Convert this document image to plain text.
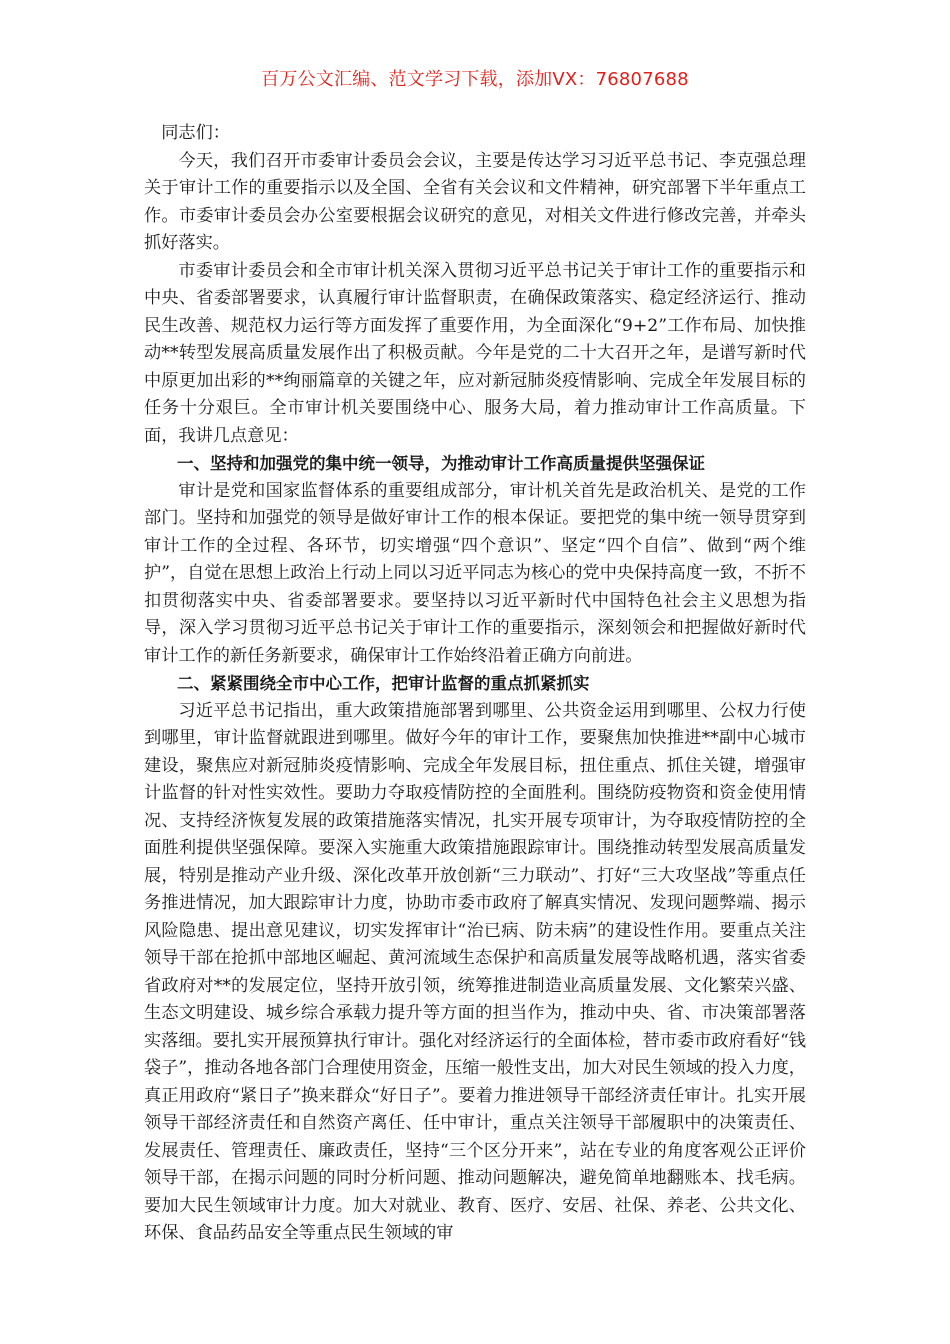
百万公文汇编、范文学习下载，添加VX：76807688

同志们：

今天，我们召开市委审计委员会会议，主要是传达学习习近平总书记、李克强总理关于审计工作的重要指示以及全国、全省有关会议和文件精神，研究部署下半年重点工作。市委审计委员会办公室要根据会议研究的意见，对相关文件进行修改完善，并牵头抓好落实。

市委审计委员会和全市审计机关深入贯彻习近平总书记关于审计工作的重要指示和中央、省委部署要求，认真履行审计监督职责，在确保政策落实、稳定经济运行、推动民生改善、规范权力运行等方面发挥了重要作用，为全面深化“9+2”工作布局、加快推动**转型发展高质量发展作出了积极贡献。今年是党的二十大召开之年，是谱写新时代中原更加出彩的**绚丽篇章的关键之年，应对新冠肺炎疫情影响、完成全年发展目标的任务十分艰巨。全市审计机关要围绕中心、服务大局，着力推动审计工作高质量。下面，我讲几点意见：

一、坚持和加强党的集中统一领导，为推动审计工作高质量提供坚强保证

审计是党和国家监督体系的重要组成部分，审计机关首先是政治机关、是党的工作部门。坚持和加强党的领导是做好审计工作的根本保证。要把党的集中统一领导贯穿到审计工作的全过程、各环节，切实增强“四个意识”、坚定“四个自信”、做到“两个维护”，自觉在思想上政治上行动上同以习近平同志为核心的党中央保持高度一致，不折不扣贯彻落实中央、省委部署要求。要坚持以习近平新时代中国特色社会主义思想为指导，深入学习贯彻习近平总书记关于审计工作的重要指示，深刻领会和把握做好新时代审计工作的新任务新要求，确保审计工作始终沿着正确方向前进。

二、紧紧围绕全市中心工作，把审计监督的重点抓紧抓实

习近平总书记指出，重大政策措施部署到哪里、公共资金运用到哪里、公权力行使到哪里，审计监督就跟进到哪里。做好今年的审计工作，要聚焦加快推进**副中心城市建设，聚焦应对新冠肺炎疫情影响、完成全年发展目标，扭住重点、抓住关键，增强审计监督的针对性实效性。要助力夺取疫情防控的全面胜利。围绕防疫物资和资金使用情况、支持经济恢复发展的政策措施落实情况，扎实开展专项审计，为夺取疫情防控的全面胜利提供坚强保障。要深入实施重大政策措施跟踪审计。围绕推动转型发展高质量发展，特别是推动产业升级、深化改革开放创新“三力联动”、打好“三大攻坚战”等重点任务推进情况，加大跟踪审计力度，协助市委市政府了解真实情况、发现问题弊端、揭示风险隐患、提出意见建议，切实发挥审计“治已病、防未病”的建设性作用。要重点关注领导干部在抢抓中部地区崛起、黄河流域生态保护和高质量发展等战略机遇，落实省委省政府对**的发展定位，坚持开放引领，统筹推进制造业高质量发展、文化繁荣兴盛、生态文明建设、城乡综合承载力提升等方面的担当作为，推动中央、省、市决策部署落实落细。要扎实开展预算执行审计。强化对经济运行的全面体检，替市委市政府看好“钱袋子”，推动各地各部门合理使用资金，压缩一般性支出，加大对民生领域的投入力度，真正用政府“紧日子”换来群众“好日子”。要着力推进领导干部经济责任审计。扎实开展领导干部经济责任和自然资产离任、任中审计，重点关注领导干部履职中的决策责任、发展责任、管理责任、廉政责任，坚持“三个区分开来”，站在专业的角度客观公正评价领导干部，在揭示问题的同时分析问题、推动问题解决，避免简单地翻账本、找毛病。要加大民生领域审计力度。加大对就业、教育、医疗、安居、社保、养老、公共文化、环保、食品药品安全等重点民生领域的审
